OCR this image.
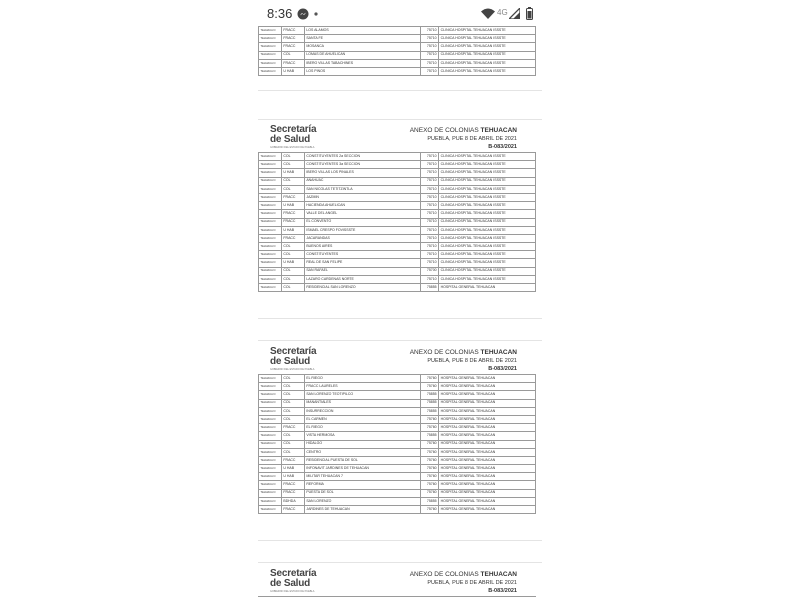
8:36	4G
TEHUACA N	FRACC	LOS ALAMOS	75710	CLINICA HOSPITAL TEHUACAN ISSSTE
TEHUACA N	FRACC	SANTA FE	75710	CLINICA HOSPITAL TEHUACAN ISSSTE
TEHUACA N	FRACC	MOSANCA	75710	CLINICA HOSPITAL TEHUACAN ISSSTE
TEHUACA N	COL	LOMAS DE AHUELICAN	75710	CLINICA HOSPITAL TEHUACAN ISSSTE
TEHUACA N	FRACC	IBERO VILLAS TABACHINES	75710	CLINICA HOSPITAL TEHUACAN ISSSTE
TEHUACA N	U HAB	LOS PINOS	75710	CLINICA HOSPITAL TEHUACAN ISSSTE
Secretaría
de Salud
GOBIERNO DEL ESTADO DE PUEBLA
ANEXO DE COLONIAS TEHUACAN
PUEBLA, PUE 8 DE ABRIL DE 2021
B-083/2021
TEHUACA N	COL	CONSTITUYENTES 2a SECCION	75710	CLINICA HOSPITAL TEHUACAN ISSSTE
TEHUACA N	COL	CONSTITUYENTES 3a SECCION	75710	CLINICA HOSPITAL TEHUACAN ISSSTE
TEHUACA N	U HAB	IBERO VILLAS LOS PINALES	75710	CLINICA HOSPITAL TEHUACAN ISSSTE
TEHUACA N	COL	ANAHUAC	75710	CLINICA HOSPITAL TEHUACAN ISSSTE
TEHUACA N	COL	SAN NICOLAS TETITZINTLA	75710	CLINICA HOSPITAL TEHUACAN ISSSTE
TEHUACA N	FRACC	JAZMIN	75710	CLINICA HOSPITAL TEHUACAN ISSSTE
TEHUACA N	U HAB	HACIENDA AHUELICAN	75710	CLINICA HOSPITAL TEHUACAN ISSSTE
TEHUACA N	FRACC	VALLE DEL ANGEL	75710	CLINICA HOSPITAL TEHUACAN ISSSTE
TEHUACA N	FRACC	EL CONVENTO	75710	CLINICA HOSPITAL TEHUACAN ISSSTE
TEHUACA N	U HAB	ISMAEL CRESPO FOVISSSTE	75710	CLINICA HOSPITAL TEHUACAN ISSSTE
TEHUACA N	FRACC	JACARANDAS	75710	CLINICA HOSPITAL TEHUACAN ISSSTE
TEHUACA N	COL	BUENOS AIRES	75710	CLINICA HOSPITAL TEHUACAN ISSSTE
TEHUACA N	COL	CONSTITUYENTES	75710	CLINICA HOSPITAL TEHUACAN ISSSTE
TEHUACA N	U HAB	REAL DE SAN FELIPE	75710	CLINICA HOSPITAL TEHUACAN ISSSTE
TEHUACA N	COL	SAN RAFAEL	75700	CLINICA HOSPITAL TEHUACAN ISSSTE
TEHUACA N	COL	LAZARO CARDENAS NORTE	75710	CLINICA HOSPITAL TEHUACAN ISSSTE
TEHUACA N	COL	RESIDENCIAL SAN LORENZO	75855	HOSPITAL GENERAL TEHUACAN
Secretaría
de Salud
GOBIERNO DEL ESTADO DE PUEBLA
ANEXO DE COLONIAS TEHUACAN
PUEBLA, PUE 8 DE ABRIL DE 2021
B-083/2021
TEHUACA N	COL	EL RIEGO	75760	HOSPITAL GENERAL TEHUACAN
TEHUACA N	COL	FRACC LAURELES	75760	HOSPITAL GENERAL TEHUACAN
TEHUACA N	COL	SAN LORENZO TEOTIPILCO	75855	HOSPITAL GENERAL TEHUACAN
TEHUACA N	COL	MANANTIALES	75855	HOSPITAL GENERAL TEHUACAN
TEHUACA N	COL	INSURRECCION	75855	HOSPITAL GENERAL TEHUACAN
TEHUACA N	COL	EL CARMEN	75760	HOSPITAL GENERAL TEHUACAN
TEHUACA N	FRACC	EL RIEGO	75760	HOSPITAL GENERAL TEHUACAN
TEHUACA N	COL	VISTA HERMOSA	75855	HOSPITAL GENERAL TEHUACAN
TEHUACA N	COL	HIDALGO	75760	HOSPITAL GENERAL TEHUACAN
TEHUACA N	COL	CENTRO	75760	HOSPITAL GENERAL TEHUACAN
TEHUACA N	FRACC	RESIDENCIAL PUESTA DE SOL	75760	HOSPITAL GENERAL TEHUACAN
TEHUACA N	U HAB	INFONAVIT JARDINES DE TEHUACAN	75760	HOSPITAL GENERAL TEHUACAN
TEHUACA N	U HAB	MILITAR TEHUACAN 7	75760	HOSPITAL GENERAL TEHUACAN
TEHUACA N	FRACC	REFORMA	75760	HOSPITAL GENERAL TEHUACAN
TEHUACA N	FRACC	PUESTA DE SOL	75760	HOSPITAL GENERAL TEHUACAN
TEHUACA N	BDHDA	SAN LORENZO	75855	HOSPITAL GENERAL TEHUACAN
TEHUACA N	FRACC	JARDINES DE TEHUACAN	75760	HOSPITAL GENERAL TEHUACAN
Secretaría
de Salud
GOBIERNO DEL ESTADO DE PUEBLA
ANEXO DE COLONIAS TEHUACAN
PUEBLA, PUE 8 DE ABRIL DE 2021
B-083/2021
